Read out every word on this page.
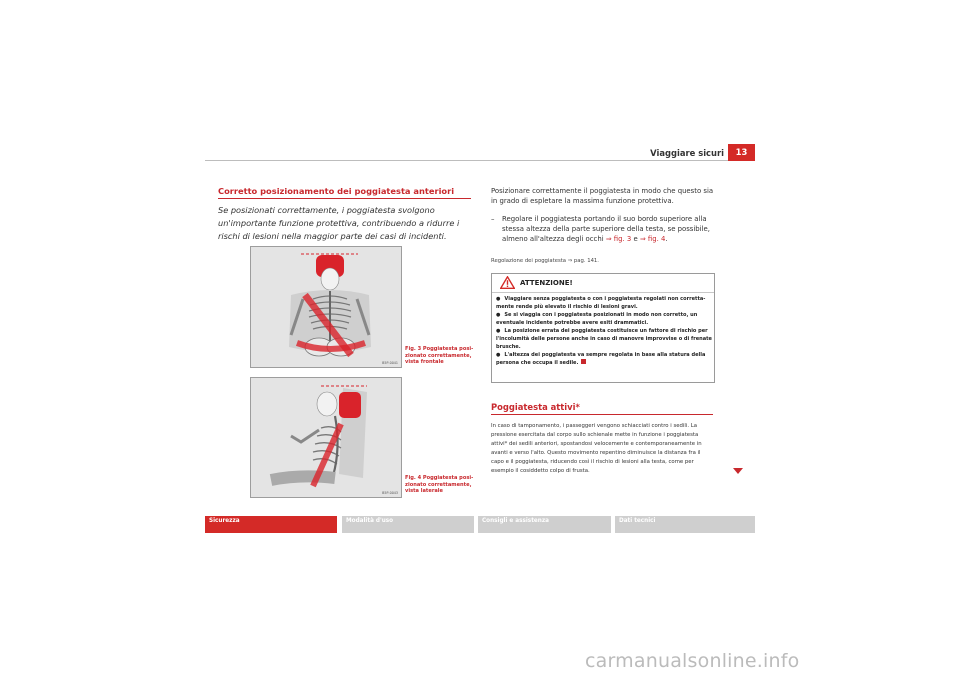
Viaggiare sicuri	13
Corretto posizionamento dei poggiatesta anteriori
Se posizionati correttamente, i poggiatesta svolgono un'importante funzione protettiva, contribuendo a ridurre i rischi di lesioni nella maggior parte dei casi di incidenti.
B5P-0041
Fig. 3 Poggiatesta posi-
zionato correttamente,
vista frontale
B5P-0043
Fig. 4 Poggiatesta posi-
zionato correttamente,
vista laterale
Posizionare correttamente il poggiatesta in modo che questo sia in grado di espletare la massima funzione protettiva.
– Regolare il poggiatesta portando il suo bordo superiore alla stessa altezza della parte superiore della testa, se possibile, almeno all'altezza degli occhi ⇒ fig. 3 e ⇒ fig. 4.
Regolazione dei poggiatesta ⇒ pag. 141.
ATTENZIONE!
● Viaggiare senza poggiatesta o con i poggiatesta regolati non corretta-mente rende più elevato il rischio di lesioni gravi.
● Se si viaggia con i poggiatesta posizionati in modo non corretto, un eventuale incidente potrebbe avere esiti drammatici.
● La posizione errata dei poggiatesta costituisce un fattore di rischio per l'incolumità delle persone anche in caso di manovre improvvise o di frenate brusche.
● L'altezza dei poggiatesta va sempre regolata in base alla statura della persona che occupa il sedile.
Poggiatesta attivi*
In caso di tamponamento, i passeggeri vengono schiacciati contro i sedili. La pressione esercitata dal corpo sullo schienale mette in funzione i poggiatesta attivi* dei sedili anteriori, spostandosi velocemente e contemporaneamente in avanti e verso l'alto. Questo movimento repentino diminuisce la distanza fra il capo e il poggiatesta, riducendo così il rischio di lesioni alla testa, come per esempio il cosiddetto colpo di frusta.
Sicurezza	Modalità d'uso	Consigli e assistenza	Dati tecnici
carmanualsonline.info
